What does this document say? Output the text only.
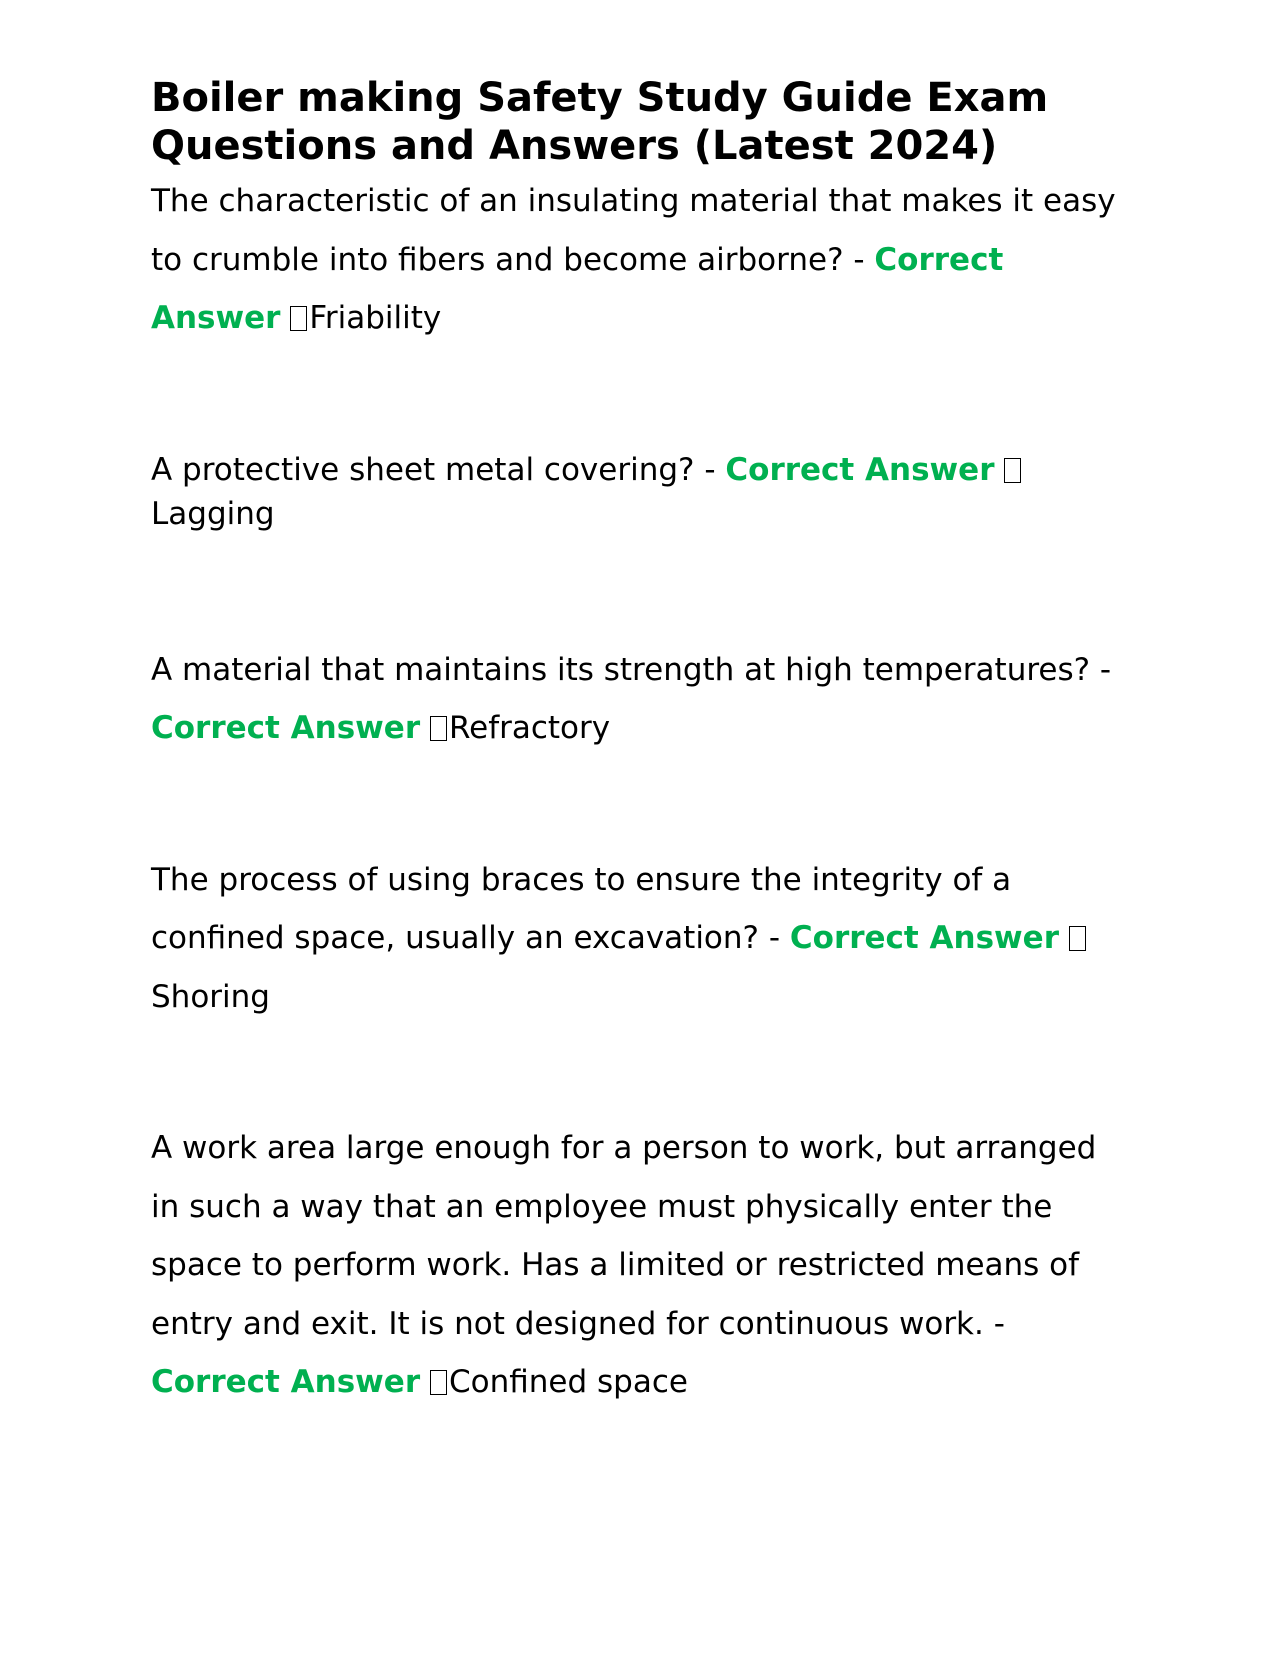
Boiler making Safety Study Guide Exam Questions and Answers (Latest 2024)

The characteristic of an insulating material that makes it easy to crumble into fibers and become airborne? - Correct Answer Friability

A protective sheet metal covering? - Correct Answer Lagging

A material that maintains its strength at high temperatures? - Correct Answer Refractory

The process of using braces to ensure the integrity of a confined space, usually an excavation? - Correct Answer Shoring

A work area large enough for a person to work, but arranged in such a way that an employee must physically enter the space to perform work. Has a limited or restricted means of entry and exit. It is not designed for continuous work. - Correct Answer Confined space
